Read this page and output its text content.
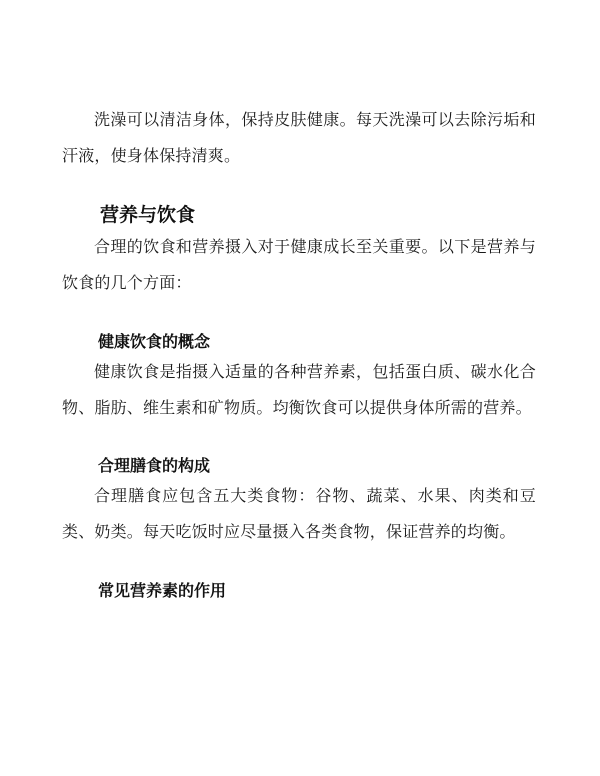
洗澡可以清洁身体，保持皮肤健康。每天洗澡可以去除污垢和汗液，使身体保持清爽。

营养与饮食

合理的饮食和营养摄入对于健康成长至关重要。以下是营养与饮食的几个方面：

健康饮食的概念

健康饮食是指摄入适量的各种营养素，包括蛋白质、碳水化合物、脂肪、维生素和矿物质。均衡饮食可以提供身体所需的营养。

合理膳食的构成

合理膳食应包含五大类食物：谷物、蔬菜、水果、肉类和豆类、奶类。每天吃饭时应尽量摄入各类食物，保证营养的均衡。

常见营养素的作用
